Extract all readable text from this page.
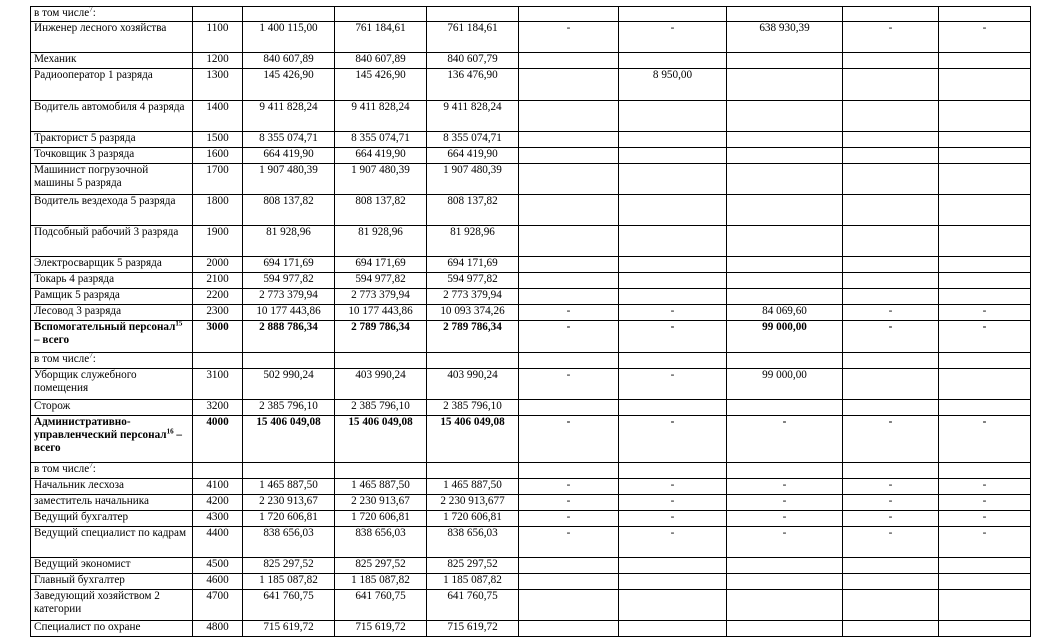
в том числе$^7$:									
Инженер лесного хозяйства	1100	1 400 115,00	761 184,61	761 184,61	-	-	638 930,39	-	-
Механик	1200	840 607,89	840 607,89	840 607,79					
Радиооператор 1 разряда	1300	145 426,90	145 426,90	136 476,90		8 950,00			
Водитель автомобиля 4 разряда	1400	9 411 828,24	9 411 828,24	9 411 828,24					
Тракторист 5 разряда	1500	8 355 074,71	8 355 074,71	8 355 074,71					
Точковщик 3 разряда	1600	664 419,90	664 419,90	664 419,90					
Машинист погрузочной машины 5 разряда	1700	1 907 480,39	1 907 480,39	1 907 480,39					
Водитель вездехода 5 разряда	1800	808 137,82	808 137,82	808 137,82					
Подсобный рабочий 3 разряда	1900	81 928,96	81 928,96	81 928,96					
Электросварщик 5 разряда	2000	694 171,69	694 171,69	694 171,69					
Токарь 4 разряда	2100	594 977,82	594 977,82	594 977,82					
Рамщик 5 разряда	2200	2 773 379,94	2 773 379,94	2 773 379,94					
Лесовод 3 разряда	2300	10 177 443,86	10 177 443,86	10 093 374,26	-	-	84 069,60	-	-
Вспомогательный персонал$^{15}$ – всего	3000	2 888 786,34	2 789 786,34	2 789 786,34	-	-	99 000,00	-	-
в том числе$^7$:									
Уборщик служебного помещения	3100	502 990,24	403 990,24	403 990,24	-	-	99 000,00		
Сторож	3200	2 385 796,10	2 385 796,10	2 385 796,10					
Административно-управленческий персонал$^{16}$ – всего	4000	15 406 049,08	15 406 049,08	15 406 049,08	-	-	-	-	-
в том числе$^7$:									
Начальник лесхоза	4100	1 465 887,50	1 465 887,50	1 465 887,50	-	-	-	-	-
заместитель начальника	4200	2 230 913,67	2 230 913,67	2 230 913,677	-	-	-	-	-
Ведущий бухгалтер	4300	1 720 606,81	1 720 606,81	1 720 606,81	-	-	-	-	-
Ведущий специалист по кадрам	4400	838 656,03	838 656,03	838 656,03	-	-	-	-	-
Ведущий экономист	4500	825 297,52	825 297,52	825 297,52					
Главный бухгалтер	4600	1 185 087,82	1 185 087,82	1 185 087,82					
Заведующий хозяйством 2 категории	4700	641 760,75	641 760,75	641 760,75					
Специалист по охране	4800	715 619,72	715 619,72	715 619,72					
